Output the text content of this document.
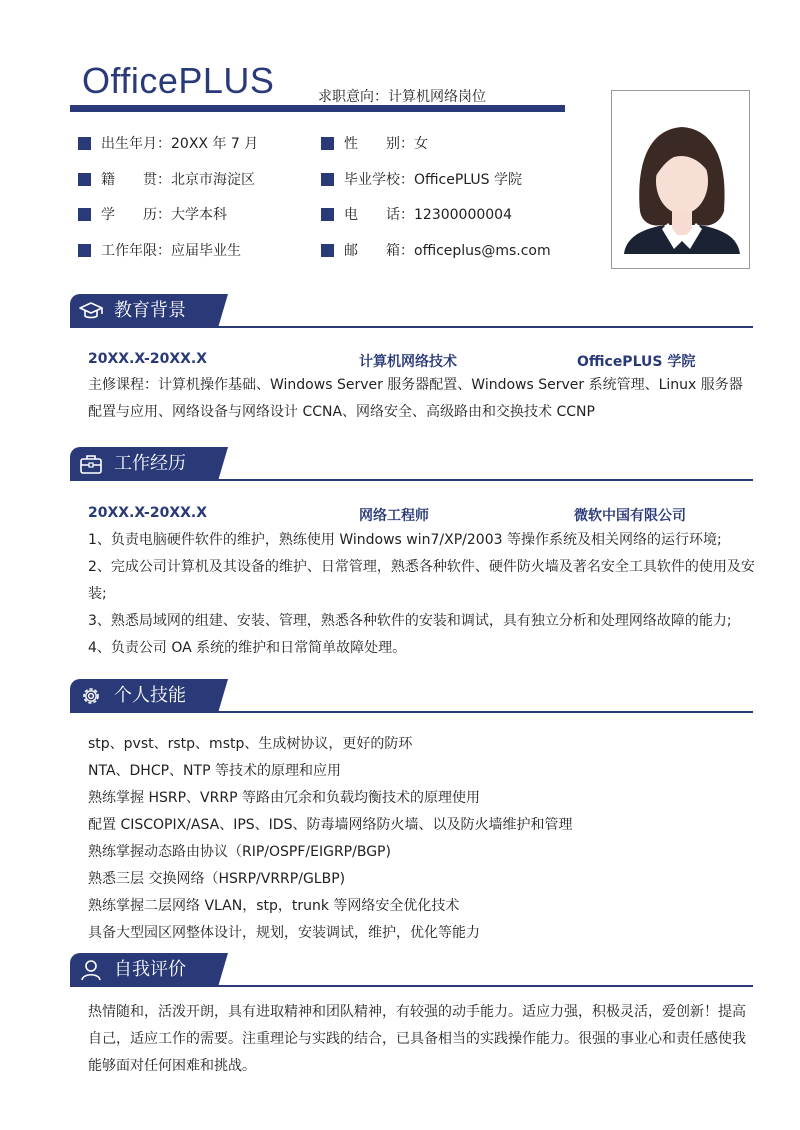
OfficePLUS	求职意向：计算机网络岗位
出生年月：20XX 年 7 月	性　　别：女
籍　　贯：北京市海淀区	毕业学校：OfficePLUS 学院
学　　历：大学本科	电　　话：12300000004
工作年限：应届毕业生	邮　　箱：officeplus@ms.com
教育背景
20XX.X-20XX.X	计算机网络技术	OfficePLUS 学院
主修课程：计算机操作基础、Windows Server 服务器配置、Windows Server 系统管理、Linux 服务器配置与应用、网络设备与网络设计 CCNA、网络安全、高级路由和交换技术 CCNP
工作经历
20XX.X-20XX.X	网络工程师	微软中国有限公司
1、负责电脑硬件软件的维护，熟练使用 Windows win7/XP/2003 等操作系统及相关网络的运行环境;
2、完成公司计算机及其设备的维护、日常管理，熟悉各种软件、硬件防火墙及著名安全工具软件的使用及安装;
3、熟悉局域网的组建、安装、管理，熟悉各种软件的安装和调试，具有独立分析和处理网络故障的能力;
4、负责公司 OA 系统的维护和日常简单故障处理。
个人技能
stp、pvst、rstp、mstp、生成树协议，更好的防环
NTA、DHCP、NTP 等技术的原理和应用
熟练掌握 HSRP、VRRP 等路由冗余和负载均衡技术的原理使用
配置 CISCOPIX/ASA、IPS、IDS、防毒墙网络防火墙、以及防火墙维护和管理
熟练掌握动态路由协议（RIP/OSPF/EIGRP/BGP)
熟悉三层 交换网络（HSRP/VRRP/GLBP)
熟练掌握二层网络 VLAN，stp，trunk 等网络安全优化技术
具备大型园区网整体设计，规划，安装调试，维护，优化等能力
自我评价
热情随和，活泼开朗，具有进取精神和团队精神，有较强的动手能力。适应力强，积极灵活，爱创新！提高自己，适应工作的需要。注重理论与实践的结合，已具备相当的实践操作能力。很强的事业心和责任感使我能够面对任何困难和挑战。
